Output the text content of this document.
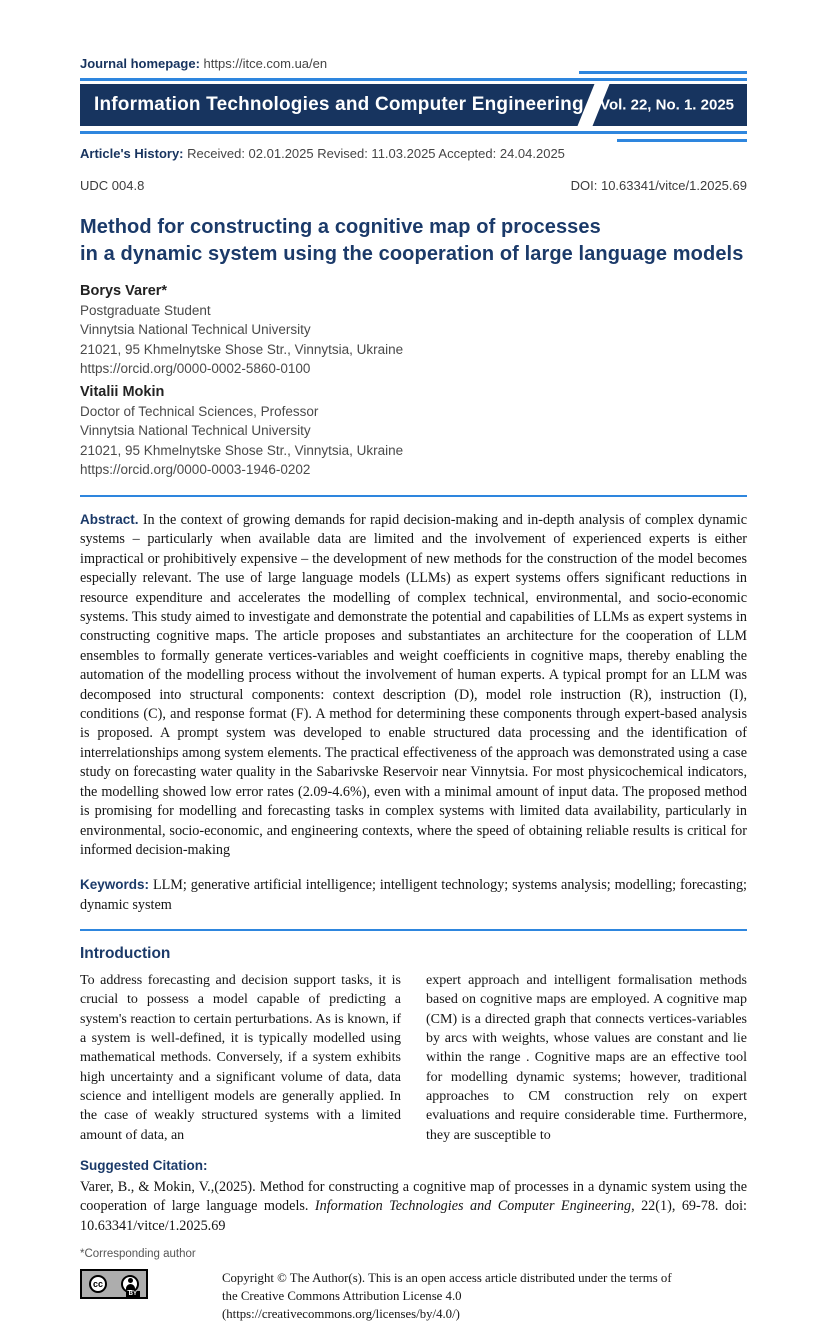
Journal homepage: https://itce.com.ua/en
Information Technologies and Computer Engineering Vol. 22, No. 1. 2025
Article's History: Received: 02.01.2025 Revised: 11.03.2025 Accepted: 24.04.2025
UDC 004.8	DOI: 10.63341/vitce/1.2025.69
Method for constructing a cognitive map of processes
in a dynamic system using the cooperation of large language models
Borys Varer*
Postgraduate Student
Vinnytsia National Technical University
21021, 95 Khmelnytske Shose Str., Vinnytsia, Ukraine
https://orcid.org/0000-0002-5860-0100
Vitalii Mokin
Doctor of Technical Sciences, Professor
Vinnytsia National Technical University
21021, 95 Khmelnytske Shose Str., Vinnytsia, Ukraine
https://orcid.org/0000-0003-1946-0202
Abstract. In the context of growing demands for rapid decision-making and in-depth analysis of complex dynamic systems – particularly when available data are limited and the involvement of experienced experts is either impractical or prohibitively expensive – the development of new methods for the construction of the model becomes especially relevant. The use of large language models (LLMs) as expert systems offers significant reductions in resource expenditure and accelerates the modelling of complex technical, environmental, and socio-economic systems. This study aimed to investigate and demonstrate the potential and capabilities of LLMs as expert systems in constructing cognitive maps. The article proposes and substantiates an architecture for the cooperation of LLM ensembles to formally generate vertices-variables and weight coefficients in cognitive maps, thereby enabling the automation of the modelling process without the involvement of human experts. A typical prompt for an LLM was decomposed into structural components: context description (D), model role instruction (R), instruction (I), conditions (C), and response format (F). A method for determining these components through expert-based analysis is proposed. A prompt system was developed to enable structured data processing and the identification of interrelationships among system elements. The practical effectiveness of the approach was demonstrated using a case study on forecasting water quality in the Sabarivske Reservoir near Vinnytsia. For most physicochemical indicators, the modelling showed low error rates (2.09-4.6%), even with a minimal amount of input data. The proposed method is promising for modelling and forecasting tasks in complex systems with limited data availability, particularly in environmental, socio-economic, and engineering contexts, where the speed of obtaining reliable results is critical for informed decision-making
Keywords: LLM; generative artificial intelligence; intelligent technology; systems analysis; modelling; forecasting; dynamic system
Introduction
To address forecasting and decision support tasks, it is crucial to possess a model capable of predicting a system's reaction to certain perturbations. As is known, if a system is well-defined, it is typically modelled using mathematical methods. Conversely, if a system exhibits high uncertainty and a significant volume of data, data science and intelligent models are generally applied. In the case of weakly structured systems with a limited amount of data, an
expert approach and intelligent formalisation methods based on cognitive maps are employed. A cognitive map (CM) is a directed graph that connects vertices-variables by arcs with weights, whose values are constant and lie within the range . Cognitive maps are an effective tool for modelling dynamic systems; however, traditional approaches to CM construction rely on expert evaluations and require considerable time. Furthermore, they are susceptible to
Suggested Citation:
Varer, B., & Mokin, V.,(2025). Method for constructing a cognitive map of processes in a dynamic system using the cooperation of large language models. Information Technologies and Computer Engineering, 22(1), 69-78. doi: 10.63341/vitce/1.2025.69
*Corresponding author
cc
BY
Copyright © The Author(s). This is an open access article distributed under the terms of the Creative Commons Attribution License 4.0 (https://creativecommons.org/licenses/by/4.0/)
